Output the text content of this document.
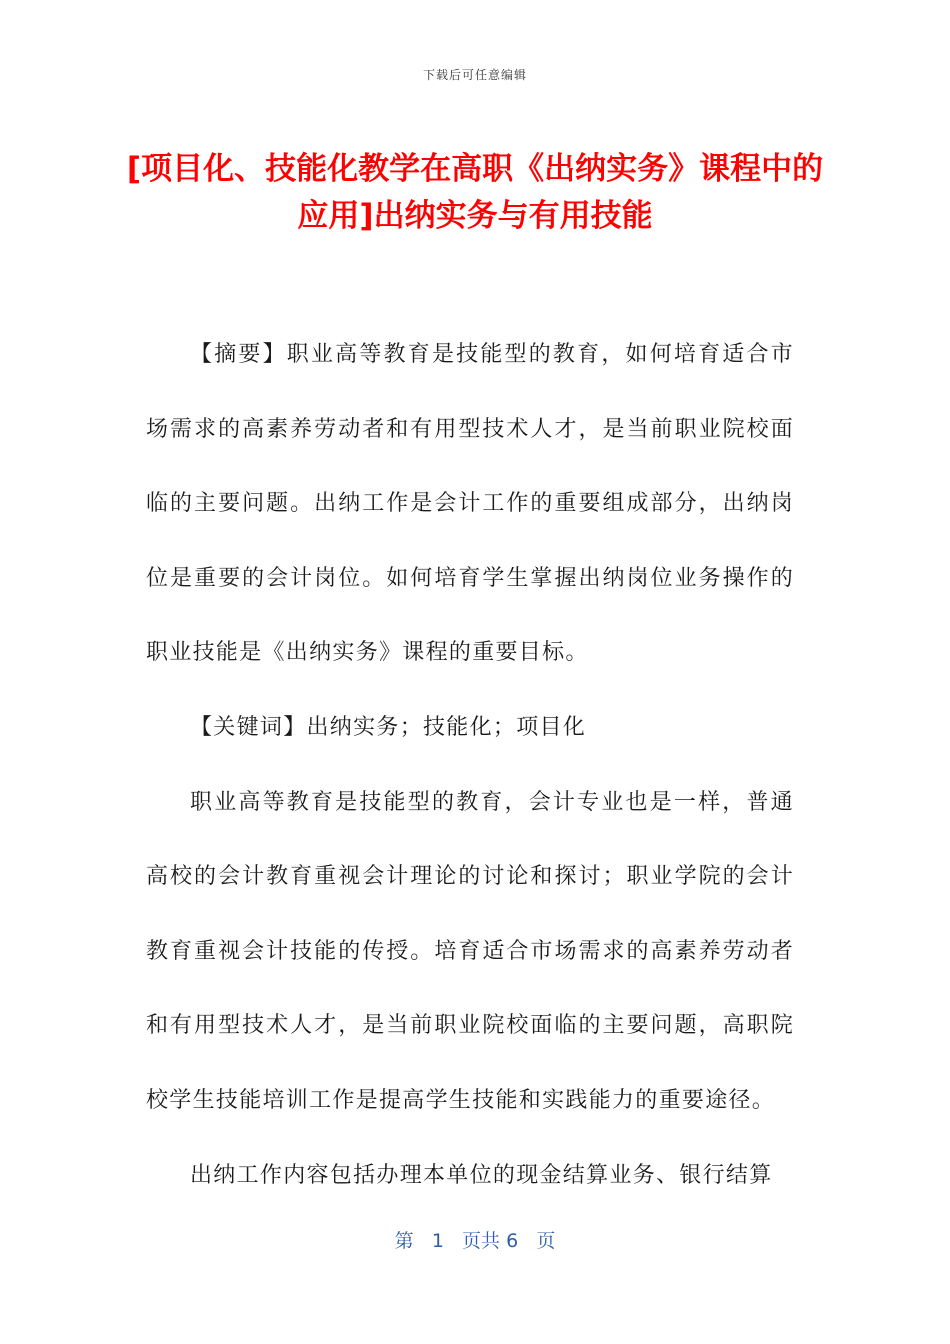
下载后可任意编辑
[项目化、技能化教学在高职《出纳实务》课程中的应用]出纳实务与有用技能

【摘要】职业高等教育是技能型的教育，如何培育适合市场需求的高素养劳动者和有用型技术人才，是当前职业院校面临的主要问题。出纳工作是会计工作的重要组成部分，出纳岗位是重要的会计岗位。如何培育学生掌握出纳岗位业务操作的职业技能是《出纳实务》课程的重要目标。

【关键词】出纳实务；技能化；项目化

职业高等教育是技能型的教育，会计专业也是一样，普通高校的会计教育重视会计理论的讨论和探讨；职业学院的会计教育重视会计技能的传授。培育适合市场需求的高素养劳动者和有用型技术人才，是当前职业院校面临的主要问题，高职院校学生技能培训工作是提高学生技能和实践能力的重要途径。

出纳工作内容包括办理本单位的现金结算业务、银行结算

第 1 页共 6 页
